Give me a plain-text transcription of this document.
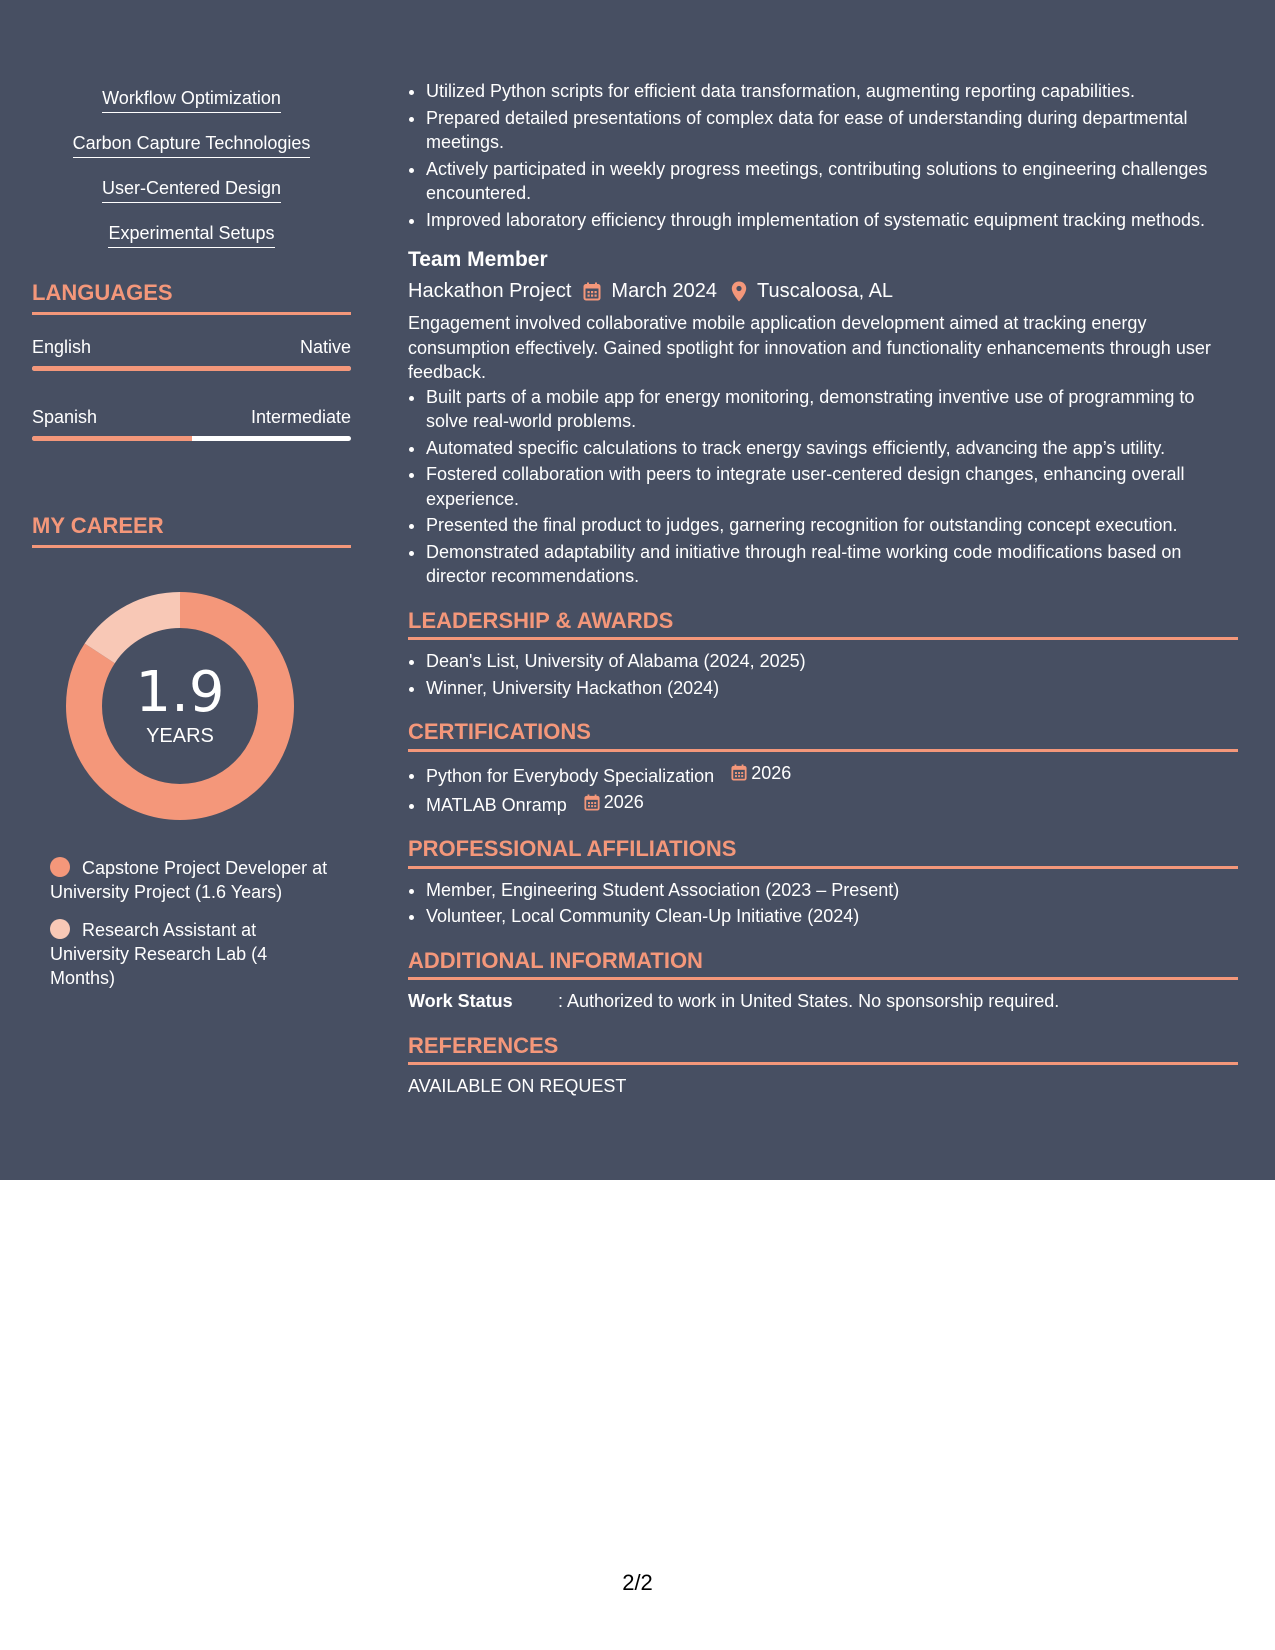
Workflow Optimization
Carbon Capture Technologies
User-Centered Design
Experimental Setups
LANGUAGES
English	Native
Spanish	Intermediate
MY CAREER
1.9
YEARS
Capstone Project Developer at University Project (1.6 Years)
Research Assistant at University Research Lab (4 Months)
• Utilized Python scripts for efficient data transformation, augmenting reporting capabilities.
• Prepared detailed presentations of complex data for ease of understanding during departmental meetings.
• Actively participated in weekly progress meetings, contributing solutions to engineering challenges encountered.
• Improved laboratory efficiency through implementation of systematic equipment tracking methods.
Team Member
Hackathon Project March 2024 Tuscaloosa, AL
Engagement involved collaborative mobile application development aimed at tracking energy consumption effectively. Gained spotlight for innovation and functionality enhancements through user feedback.
• Built parts of a mobile app for energy monitoring, demonstrating inventive use of programming to solve real-world problems.
• Automated specific calculations to track energy savings efficiently, advancing the app’s utility.
• Fostered collaboration with peers to integrate user-centered design changes, enhancing overall experience.
• Presented the final product to judges, garnering recognition for outstanding concept execution.
• Demonstrated adaptability and initiative through real-time working code modifications based on director recommendations.
LEADERSHIP & AWARDS
• Dean's List, University of Alabama (2024, 2025)
• Winner, University Hackathon (2024)
CERTIFICATIONS
• Python for Everybody Specialization 2026
• MATLAB Onramp 2026
PROFESSIONAL AFFILIATIONS
• Member, Engineering Student Association (2023 – Present)
• Volunteer, Local Community Clean-Up Initiative (2024)
ADDITIONAL INFORMATION
Work Status	: Authorized to work in United States. No sponsorship required.
REFERENCES
AVAILABLE ON REQUEST
2/2
